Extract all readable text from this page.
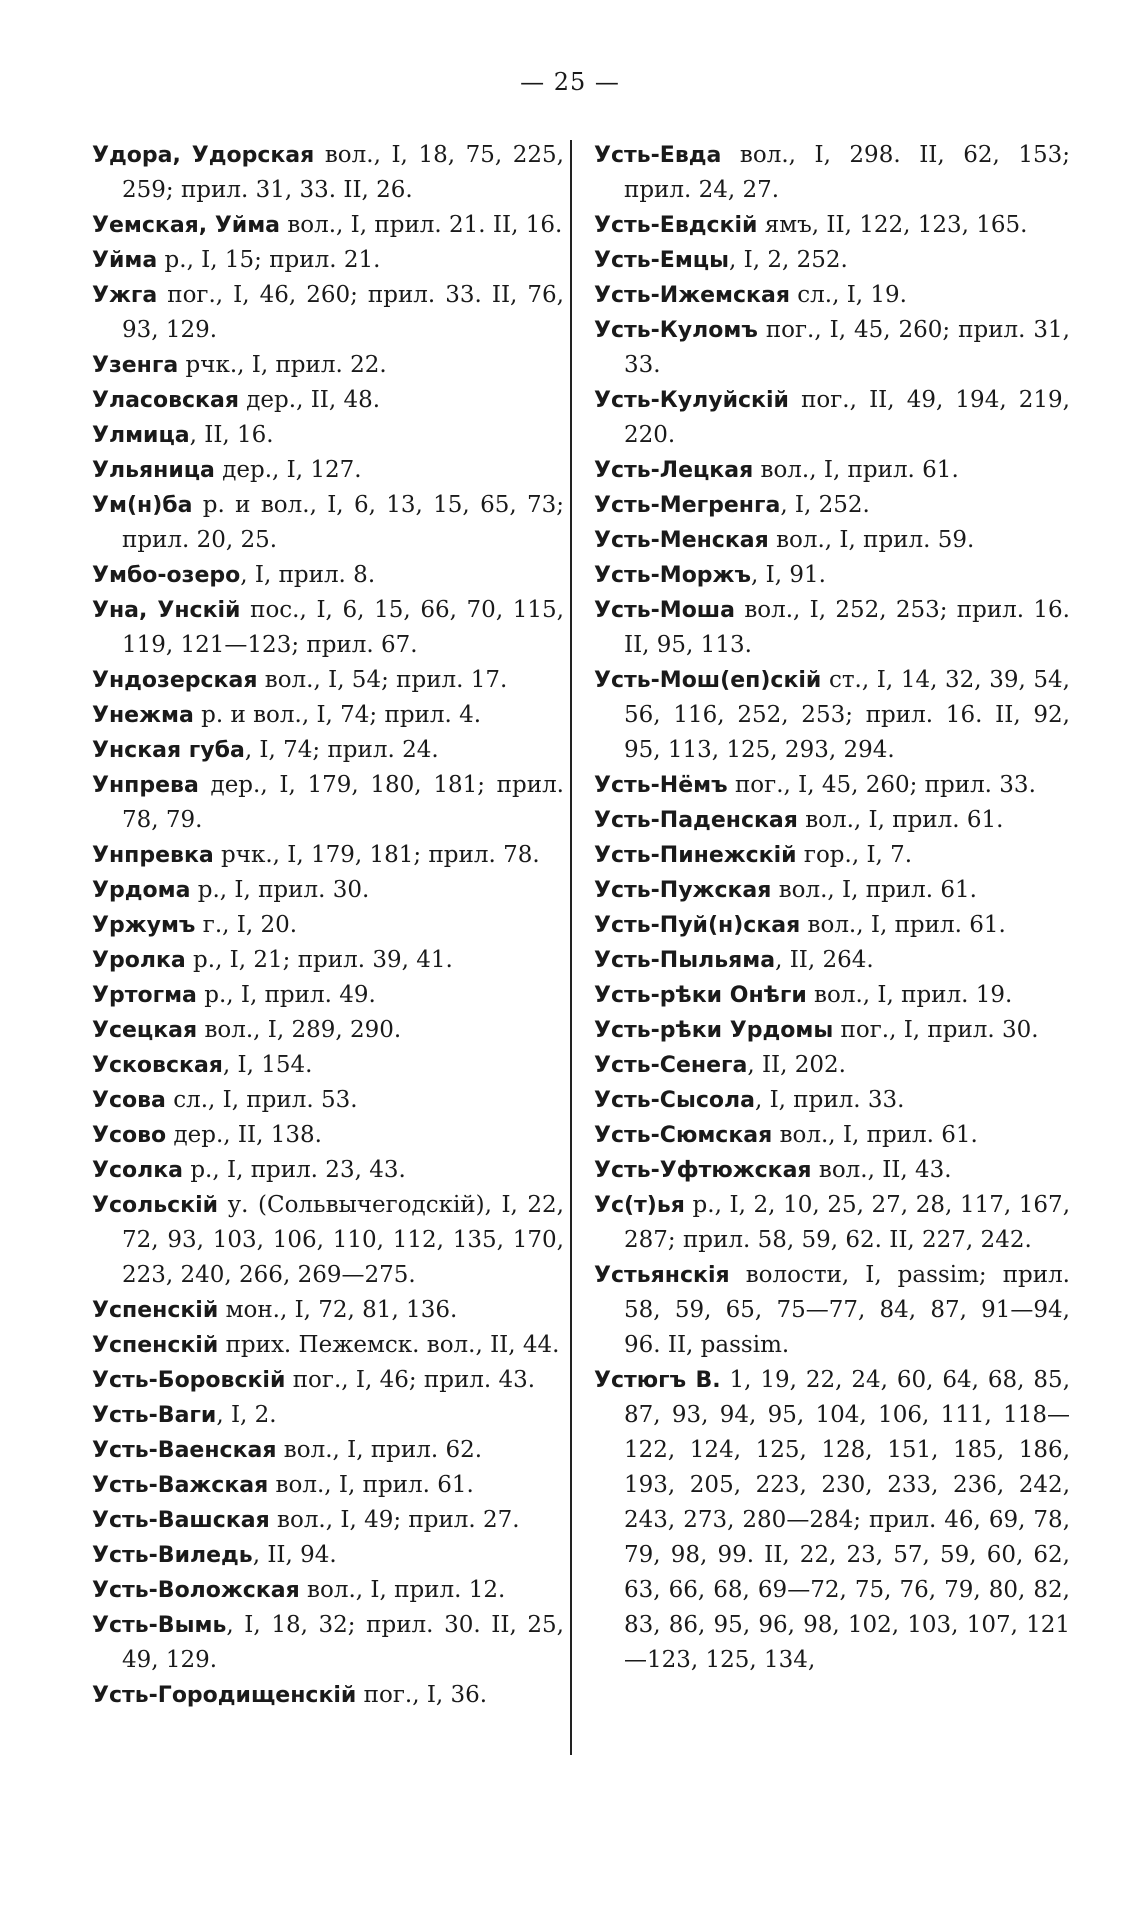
— 25 —

Удора, Удорская вол., I, 18, 75, 225, 259; прил. 31, 33. II, 26.

Уемская, Уйма вол., I, прил. 21. II, 16.

Уйма р., I, 15; прил. 21.

Ужга пог., I, 46, 260; прил. 33. II, 76, 93, 129.

Узенга рчк., I, прил. 22.

Уласовская дер., II, 48.

Улмица, II, 16.

Ульяница дер., I, 127.

Ум(н)ба р. и вол., I, 6, 13, 15, 65, 73; прил. 20, 25.

Умбо-озеро, I, прил. 8.

Уна, Унскій пос., I, 6, 15, 66, 70, 115, 119, 121—123; прил. 67.

Ундозерская вол., I, 54; прил. 17.

Унежма р. и вол., I, 74; прил. 4.

Унская губа, I, 74; прил. 24.

Унпрева дер., I, 179, 180, 181; прил. 78, 79.

Унпревка рчк., I, 179, 181; прил. 78.

Урдома р., I, прил. 30.

Уржумъ г., I, 20.

Уролка р., I, 21; прил. 39, 41.

Уртогма р., I, прил. 49.

Усецкая вол., I, 289, 290.

Усковская, I, 154.

Усова сл., I, прил. 53.

Усово дер., II, 138.

Усолка р., I, прил. 23, 43.

Усольскій у. (Сольвычегодскій), I, 22, 72, 93, 103, 106, 110, 112, 135, 170, 223, 240, 266, 269—275.

Успенскій мон., I, 72, 81, 136.

Успенскій прих. Пежемск. вол., II, 44.

Усть-Боровскій пог., I, 46; прил. 43.

Усть-Ваги, I, 2.

Усть-Ваенская вол., I, прил. 62.

Усть-Важская вол., I, прил. 61.

Усть-Вашская вол., I, 49; прил. 27.

Усть-Виледь, II, 94.

Усть-Воложская вол., I, прил. 12.

Усть-Вымь, I, 18, 32; прил. 30. II, 25, 49, 129.

Усть-Городищенскій пог., I, 36.

Усть-Евда вол., I, 298. II, 62, 153; прил. 24, 27.

Усть-Евдскій ямъ, II, 122, 123, 165.

Усть-Емцы, I, 2, 252.

Усть-Ижемская сл., I, 19.

Усть-Куломъ пог., I, 45, 260; прил. 31, 33.

Усть-Кулуйскій пог., II, 49, 194, 219, 220.

Усть-Лецкая вол., I, прил. 61.

Усть-Мегренга, I, 252.

Усть-Менская вол., I, прил. 59.

Усть-Моржъ, I, 91.

Усть-Моша вол., I, 252, 253; прил. 16. II, 95, 113.

Усть-Мош(еп)скій ст., I, 14, 32, 39, 54, 56, 116, 252, 253; прил. 16. II, 92, 95, 113, 125, 293, 294.

Усть-Нёмъ пог., I, 45, 260; прил. 33.

Усть-Паденская вол., I, прил. 61.

Усть-Пинежскій гор., I, 7.

Усть-Пужская вол., I, прил. 61.

Усть-Пуй(н)ская вол., I, прил. 61.

Усть-Пыльяма, II, 264.

Усть-рѣки Онѣги вол., I, прил. 19.

Усть-рѣки Урдомы пог., I, прил. 30.

Усть-Сенега, II, 202.

Усть-Сысола, I, прил. 33.

Усть-Сюмская вол., I, прил. 61.

Усть-Уфтюжская вол., II, 43.

Ус(т)ья р., I, 2, 10, 25, 27, 28, 117, 167, 287; прил. 58, 59, 62. II, 227, 242.

Устьянскія волости, I, passim; прил. 58, 59, 65, 75—77, 84, 87, 91—94, 96. II, passim.

Устюгъ В. 1, 19, 22, 24, 60, 64, 68, 85, 87, 93, 94, 95, 104, 106, 111, 118—122, 124, 125, 128, 151, 185, 186, 193, 205, 223, 230, 233, 236, 242, 243, 273, 280—284; прил. 46, 69, 78, 79, 98, 99. II, 22, 23, 57, 59, 60, 62, 63, 66, 68, 69—72, 75, 76, 79, 80, 82, 83, 86, 95, 96, 98, 102, 103, 107, 121—123, 125, 134,
